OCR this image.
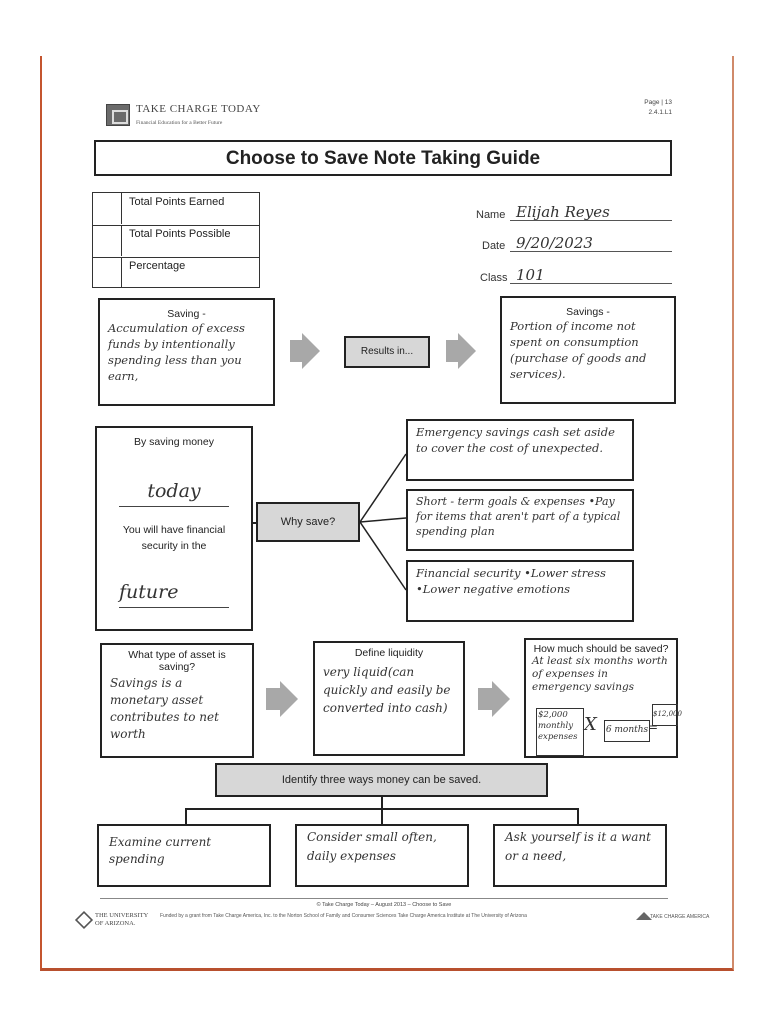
TAKE CHARGE TODAY
Financial Education for a Better Future
Page | 13
2.4.1.L1
Choose to Save Note Taking Guide
Total Points Earned
Total Points Possible
Percentage
Name Elijah Reyes
Date 9/20/2023
Class 101
Saving -
Accumulation of excess funds by intentionally spending less than you earn,
Results in...
Savings -
Portion of income not spent on consumption (purchase of goods and services).
By saving money
today
You will have financial security in the
future
Why save?
Emergency savings cash set aside to cover the cost of unexpected.
Short - term goals & expenses •Pay for items that aren't part of a typical spending plan
Financial security •Lower stress •Lower negative emotions
What type of asset is saving?
Savings is a monetary asset contributes to net worth
Define liquidity
very liquid(can quickly and easily be converted into cash)
How much should be saved?
At least six months worth of expenses in emergency savings
$2,000 monthly expenses
X 6 months =
$12,000
Identify three ways money can be saved.
Examine current spending
Consider small often, daily expenses
Ask yourself is it a want or a need,
© Take Charge Today – August 2013 – Choose to Save
THE UNIVERSITY
OF ARIZONA.
Funded by a grant from Take Charge America, Inc. to the Norton School of Family and Consumer Sciences Take Charge America Institute at The University of Arizona	TAKE CHARGE AMERICA
